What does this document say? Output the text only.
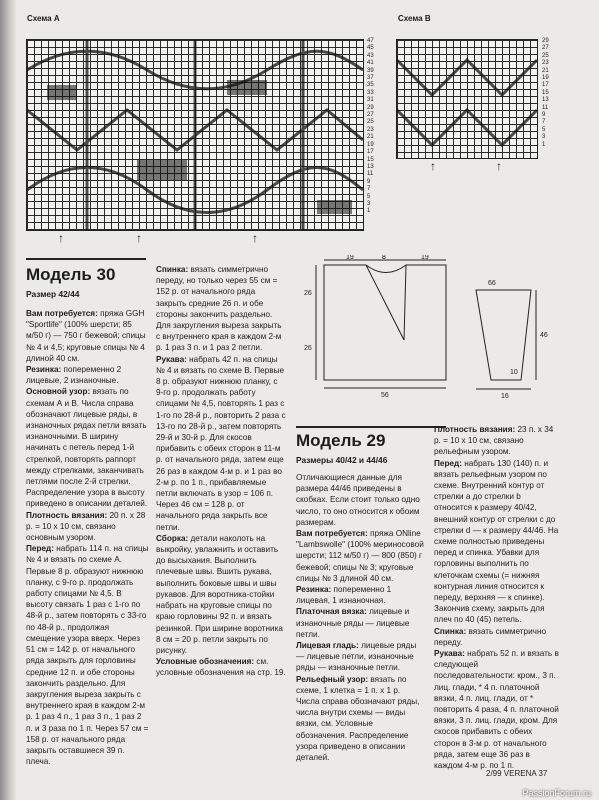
Схема А
47
45
43
41
39
37
35
33
31
29
27
25
23
21
19
17
15
13
11
9
7
5
3
1
↑	↑	↑
Схема В
29
27
25
23
21
19
17
15
13
11
9
7
5
3
1
↑	↑
Модель 30
Размер 42/44

Вам потребуется: пряжа GGH "Sportlife" (100% шерсти; 85 м/50 г) — 750 г бежевой; спицы № 4 и 4,5; круговые спицы № 4 длиной 40 см.

Резинка: попеременно 2 лицевые, 2 изнаночные.

Основной узор: вязать по схемам А и В. Числа справа обозначают лицевые ряды, в изнаночных рядах петли вязать изнаночными. В ширину начинать с петель перед 1-й стрелкой, повторять раппорт между стрелками, заканчивать петлями после 2-й стрелки. Распределение узора в высоту приведено в описании деталей.

Плотность вязания: 20 п. х 28 р. = 10 х 10 см, связано основным узором.

Перед: набрать 114 п. на спицы № 4 и вязать по схеме А. Первые 8 р. образуют нижнюю планку, с 9-го р. продолжать работу спицами № 4,5. В высоту связать 1 раз с 1-го по 48-й р., затем повторять с 33-го по 48-й р., продолжая смещение узора вверх. Через 51 см = 142 р. от начального ряда закрыть для горловины средние 12 п. и обе стороны закончить раздельно. Для закругления выреза закрыть с внутреннего края в каждом 2-м р. 1 раз 4 п., 1 раз 3 п., 1 раз 2 п. и 3 раза по 1 п. Через 57 см = 158 р. от начального ряда закрыть оставшиеся 39 п. плеча.

Спинка: вязать симметрично переду, но только через 55 см = 152 р. от начального ряда закрыть средние 26 п. и обе стороны закончить раздельно. Для закругления выреза закрыть с внутреннего края в каждом 2-м р. 1 раз 3 п. и 1 раз 2 петли.

Рукава: набрать 42 п. на спицы № 4 и вязать по схеме В. Первые 8 р. образуют нижнюю планку, с 9-го р. продолжать работу спицами № 4,5, повторять 1 раз с 1-го по 28-й р., повторить 2 раза с 13-го по 28-й р., затем повторять 29-й и 30-й р. Для скосов прибавить с обеих сторон в 11-м р. от начального ряда, затем еще 26 раз в каждом 4-м р. и 1 раз во 2-м р. по 1 п., прибавляемые петли включать в узор = 106 п. Через 46 см = 128 р. от начального ряда закрыть все петли.

Сборка: детали наколоть на выкройку, увлажнить и оставить до высыхания. Выполнить плечевые швы. Вшить рукава, выполнить боковые швы и швы рукавов. Для воротника-стойки набрать на круговые спицы по краю горловины 92 п. и вязать резинкой. При ширине воротника 8 см = 20 р. петли закрыть по рисунку.

Условные обозначения: см. условные обозначения на стр. 19.

19	8	19
26
26
56
66
46
16
10
Модель 29
Размеры 40/42 и 44/46

Отличающиеся данные для размера 44/46 приведены в скобках. Если стоит только одно число, то оно относится к обоим размерам.

Вам потребуется: пряжа ONline "Lambswolle" (100% мериносовой шерсти; 112 м/50 г) — 800 (850) г бежевой; спицы № 3; круговые спицы № 3 длиной 40 см.

Резинка: попеременно 1 лицевая, 1 изнаночная.

Платочная вязка: лицевые и изнаночные ряды — лицевые петли.

Лицевая гладь: лицевые ряды — лицевые петли, изнаночные ряды — изнаночные петли.

Рельефный узор: вязать по схеме, 1 клетка = 1 п. х 1 р. Числа справа обозначают ряды, числа внутри схемы — виды вязки, см. Условные обозначения. Распределение узора приведено в описании деталей.

Плотность вязания: 23 п. х 34 р. = 10 х 10 см, связано рельефным узором.

Перед: набрать 130 (140) п. и вязать рельефным узором по схеме. Внутренний контур от стрелки а до стрелки b относится к размеру 40/42, внешний контур от стрелки с до стрелки d — к размеру 44/46. На схеме полностью приведены перед и спинка. Убавки для горловины выполнить по клеточкам схемы (= нижняя контурная линия относится к переду, верхняя — к спинке). Закончив схему, закрыть для плеч по 40 (45) петель.

Спинка: вязать симметрично переду.

Рукава: набрать 52 п. и вязать в следующей последовательности: кром., 3 п. лиц. глади, * 4 п. платочной вязки, 4 п. лиц. глади, от * повторить 4 раза, 4 п. платочной вязки, 3 п. лиц. глади, кром. Для скосов прибавить с обеих сторон в 3-м р. от начального ряда, затем еще 36 раз в каждом 4-м р. по 1 п.

2/99 VERENA 37
PassionForum.ru
